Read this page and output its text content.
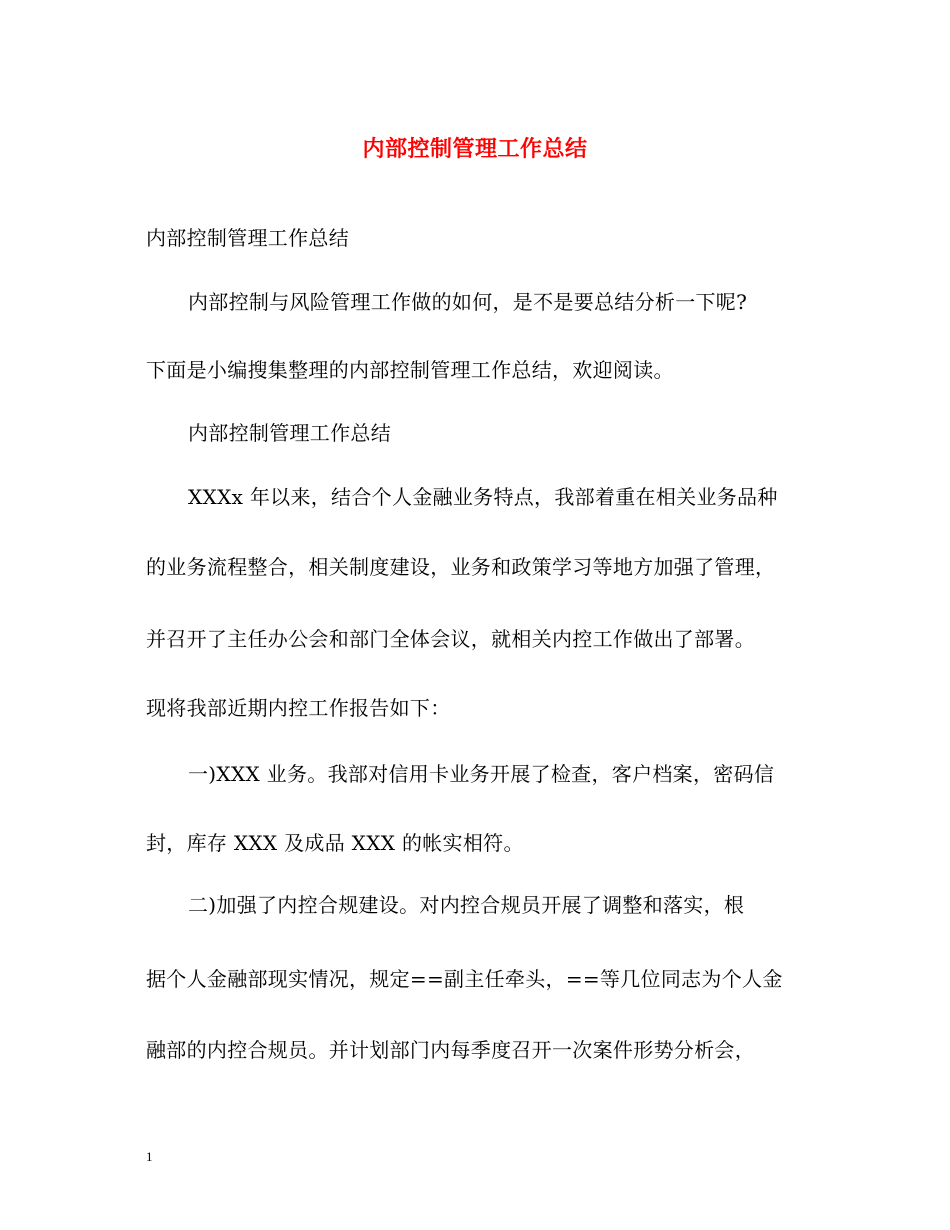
内部控制管理工作总结
内部控制管理工作总结
内部控制与风险管理工作做的如何，是不是要总结分析一下呢?
下面是小编搜集整理的内部控制管理工作总结，欢迎阅读。
内部控制管理工作总结
XXXx 年以来，结合个人金融业务特点，我部着重在相关业务品种
的业务流程整合，相关制度建设，业务和政策学习等地方加强了管理，
并召开了主任办公会和部门全体会议，就相关内控工作做出了部署。
现将我部近期内控工作报告如下：
一)XXX 业务。我部对信用卡业务开展了检查，客户档案，密码信
封，库存 XXX 及成品 XXX 的帐实相符。
二)加强了内控合规建设。对内控合规员开展了调整和落实，根
据个人金融部现实情况，规定==副主任牵头，==等几位同志为个人金
融部的内控合规员。并计划部门内每季度召开一次案件形势分析会，
1
